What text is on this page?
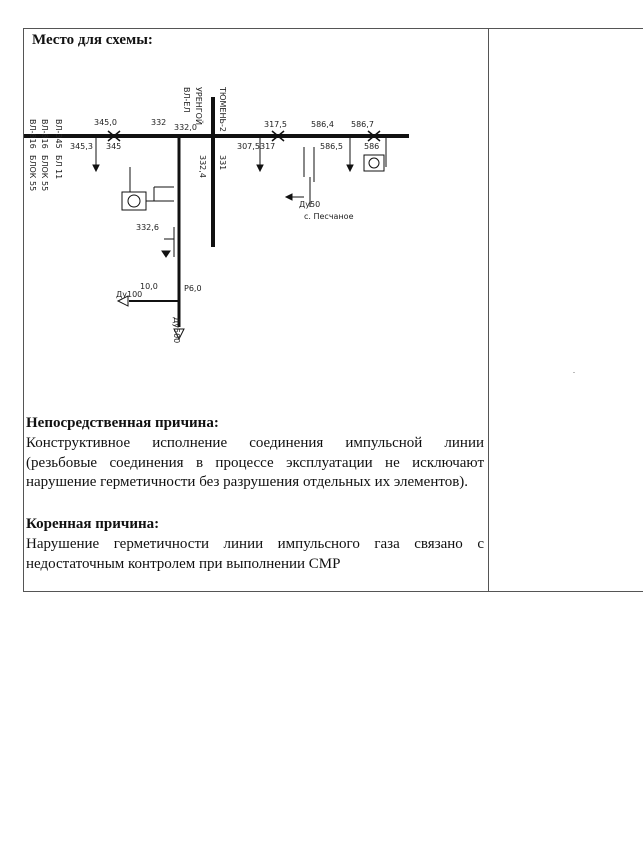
Место для схемы:
ВЛ-816 ВЛ-816 ВЛ-345
БЛОК 55 БЛОК 55 БЛ 11
345,0	332
332,0
345,3 345
ВЛ-ЕЛ УРЕНГОЙ ТЮМЕНЬ-2
332,4 331
317,5	586,4 586,7
307,5 317	586,5	586
332,6
Ду100
10,0	Р6,0
Ду500
Ду50
с. Песчаное
Непосредственная причина:

Конструктивное исполнение соединения импульсной линии (резьбовые соединения в процессе эксплуатации не исключают нарушение герметичности без разрушения отдельных их элементов).

Коренная причина:

Нарушение герметичности линии импульсного газа связано с недостаточным контролем при выполнении СМР
